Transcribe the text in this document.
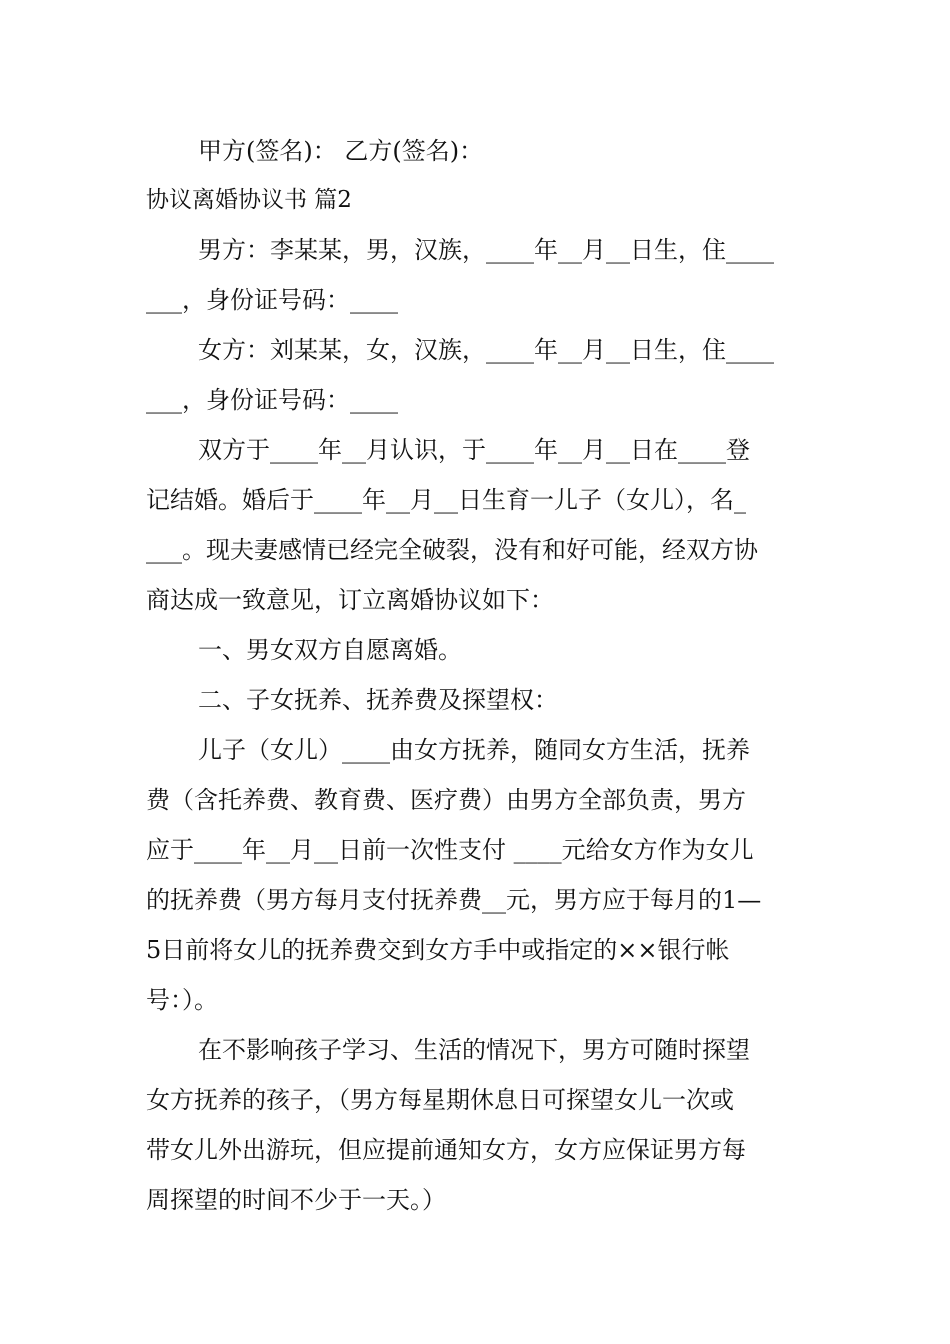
甲方(签名)： 乙方(签名)：
协议离婚协议书 篇2
男方：李某某，男，汉族，____年__月__日生，住____
___，身份证号码：____
女方：刘某某，女，汉族，____年__月__日生，住____
___，身份证号码：____
双方于____年__月认识，于____年__月__日在____登
记结婚。婚后于____年__月__日生育一儿子（女儿），名_
___。现夫妻感情已经完全破裂，没有和好可能，经双方协
商达成一致意见，订立离婚协议如下：
一、男女双方自愿离婚。
二、子女抚养、抚养费及探望权：
儿子（女儿）____由女方抚养，随同女方生活，抚养
费（含托养费、教育费、医疗费）由男方全部负责，男方
应于____年__月__日前一次性支付 ____元给女方作为女儿
的抚养费（男方每月支付抚养费__元，男方应于每月的1—
5日前将女儿的抚养费交到女方手中或指定的××银行帐
号：）。
在不影响孩子学习、生活的情况下，男方可随时探望
女方抚养的孩子，（男方每星期休息日可探望女儿一次或
带女儿外出游玩，但应提前通知女方，女方应保证男方每
周探望的时间不少于一天。）
